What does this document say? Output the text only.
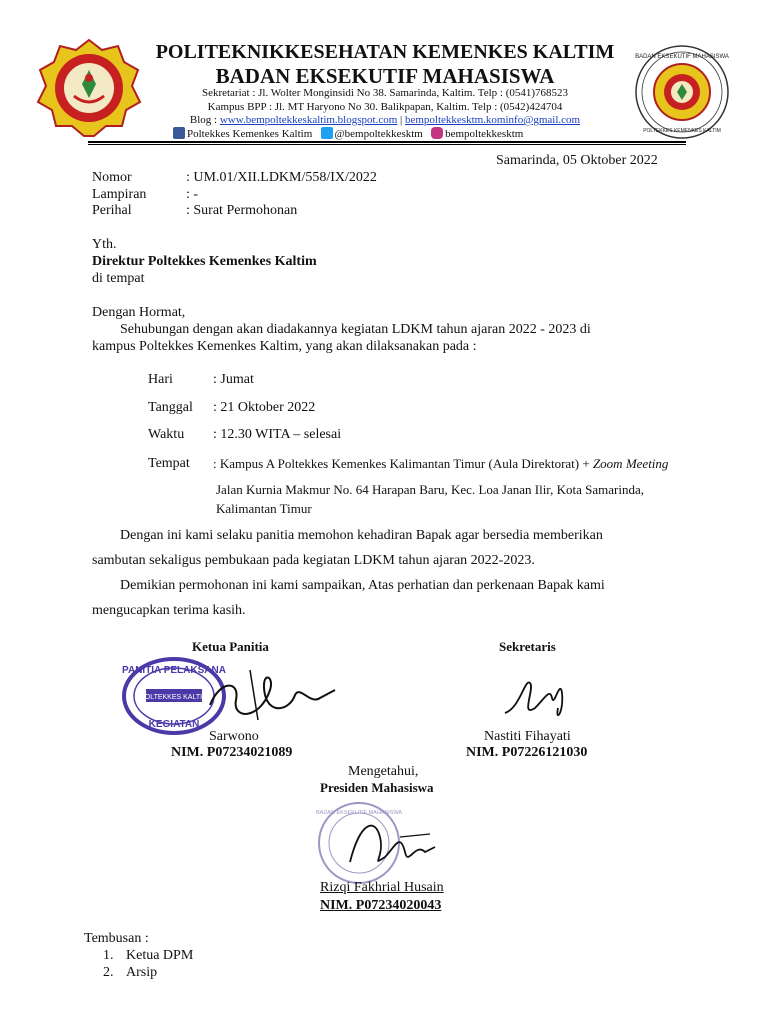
BADAN EKSEKUTIF MAHASISWA
POLTEKKES KEMENKES KALTIM
POLITEKNIKKESEHATAN KEMENKES KALTIM
BADAN EKSEKUTIF MAHASISWA
Sekretariat : Jl. Wolter Monginsidi No 38. Samarinda, Kaltim. Telp : (0541)768523
Kampus BPP : Jl. MT Haryono No 30. Balikpapan, Kaltim. Telp : (0542)424704
Blog : www.bempoltekkeskaltim.blogspot.com | bempoltekkesktm.kominfo@gmail.com
Poltekkes Kemenkes Kaltim @bempoltekkesktm bempoltekkesktm
Samarinda, 05 Oktober 2022
Nomor	: UM.01/XII.LDKM/558/IX/2022
Lampiran	: -
Perihal	: Surat Permohonan
Yth.
Direktur Poltekkes Kemenkes Kaltim
di tempat
Dengan Hormat,
Sehubungan dengan akan diadakannya kegiatan LDKM tahun ajaran 2022 - 2023 di
kampus Poltekkes Kemenkes Kaltim, yang akan dilaksanakan pada :
Hari	: Jumat
Tanggal : 21 Oktober 2022
Waktu : 12.30 WITA – selesai
Tempat : Kampus A Poltekkes Kemenkes Kalimantan Timur (Aula Direktorat) + Zoom Meeting
Jalan Kurnia Makmur No. 64 Harapan Baru, Kec. Loa Janan Ilir, Kota Samarinda,
Kalimantan Timur
Dengan ini kami selaku panitia memohon kehadiran Bapak agar bersedia memberikan
sambutan sekaligus pembukaan pada kegiatan LDKM tahun ajaran 2022-2023.
Demikian permohonan ini kami sampaikan, Atas perhatian dan perkenaan Bapak kami
mengucapkan terima kasih.
Ketua Panitia	Sekretaris
PANITIA PELAKSANA
POLTEKKES KALTIM
KEGIATAN
Sarwono
NIM. P07234021089
Nastiti Fihayati
NIM. P07226121030
Mengetahui,
Presiden Mahasiswa
BADAN EKSEKUTIF MAHASISWA
Rizqi Fakhrial Husain
NIM. P07234020043
Tembusan :
1. Ketua DPM
2. Arsip
